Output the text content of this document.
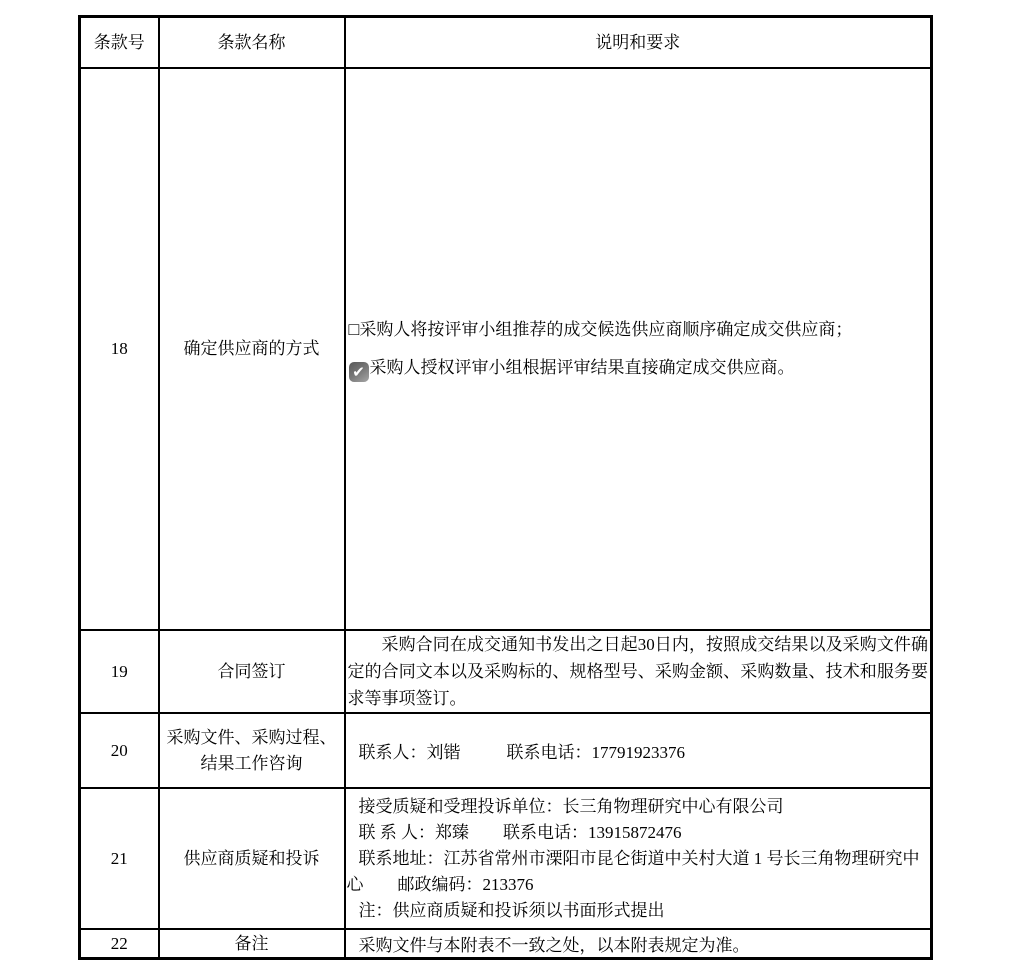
条款号	条款名称	说明和要求
18	确定供应商的方式	□采购人将按评审小组推荐的成交候选供应商顺序确定成交供应商；
✔ 采购人授权评审小组根据评审结果直接确定成交供应商。

19	合同签订	采购合同在成交通知书发出之日起30日内，按照成交结果以及采购文件确定的合同文本以及采购标的、规格型号、采购金额、采购数量、技术和服务要求等事项签订。

20	采购文件、采购过程、结果工作咨询	联系人：刘锴 联系电话：17791923376
21	供应商质疑和投诉	接受质疑和受理投诉单位：长三角物理研究中心有限公司
联 系 人：郑臻　　联系电话：13915872476
联系地址：江苏省常州市溧阳市昆仑街道中关村大道 1 号长三角物理研究中心　　邮政编码：213376
注：供应商质疑和投诉须以书面形式提出

22	备注	采购文件与本附表不一致之处，以本附表规定为准。
